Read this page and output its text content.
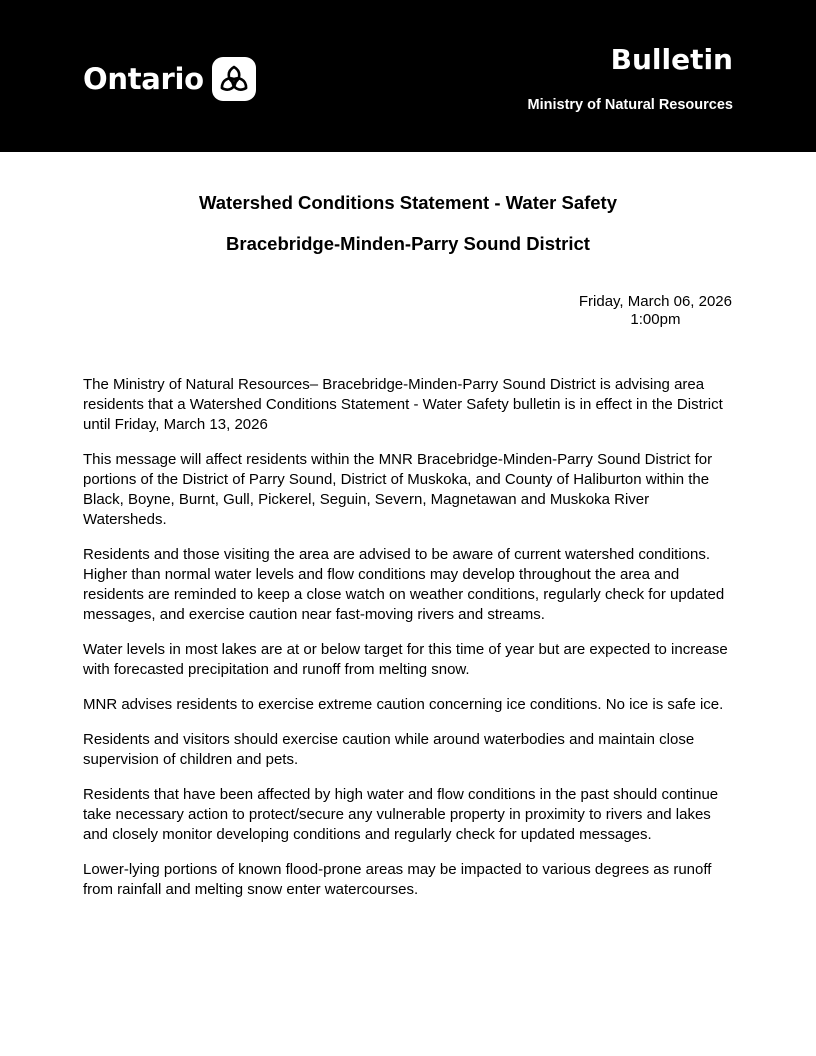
Ontario
Bulletin
Ministry of Natural Resources
Watershed Conditions Statement - Water Safety
Bracebridge-Minden-Parry Sound District
Friday, March 06, 2026
1:00pm

The Ministry of Natural Resources– Bracebridge-Minden-Parry Sound District is advising area residents that a Watershed Conditions Statement - Water Safety bulletin is in effect in the District until Friday, March 13, 2026

This message will affect residents within the MNR Bracebridge-Minden-Parry Sound District for portions of the District of Parry Sound, District of Muskoka, and County of Haliburton within the Black, Boyne, Burnt, Gull, Pickerel, Seguin, Severn, Magnetawan and Muskoka River Watersheds.

Residents and those visiting the area are advised to be aware of current watershed conditions. Higher than normal water levels and flow conditions may develop throughout the area and residents are reminded to keep a close watch on weather conditions, regularly check for updated messages, and exercise caution near fast-moving rivers and streams.

Water levels in most lakes are at or below target for this time of year but are expected to increase with forecasted precipitation and runoff from melting snow.

MNR advises residents to exercise extreme caution concerning ice conditions. No ice is safe ice.

Residents and visitors should exercise caution while around waterbodies and maintain close supervision of children and pets.

Residents that have been affected by high water and flow conditions in the past should continue take necessary action to protect/secure any vulnerable property in proximity to rivers and lakes and closely monitor developing conditions and regularly check for updated messages.

Lower-lying portions of known flood-prone areas may be impacted to various degrees as runoff from rainfall and melting snow enter watercourses.
